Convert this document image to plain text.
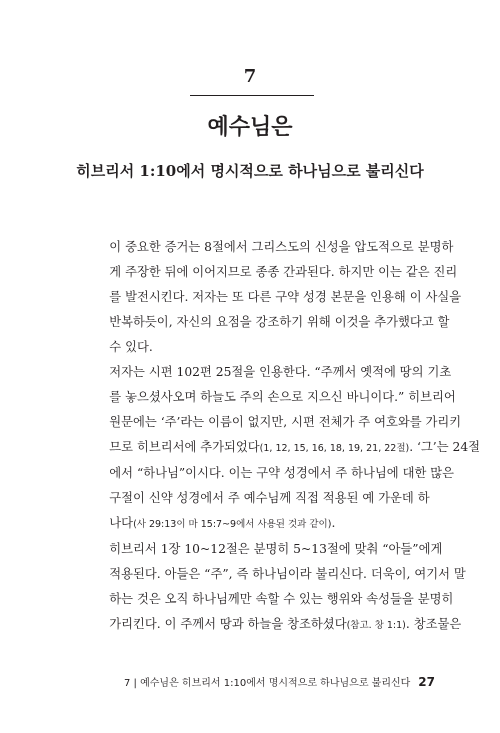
7
예수님은
히브리서 1:10에서 명시적으로 하나님으로 불리신다

이 중요한 증거는 8절에서 그리스도의 신성을 압도적으로 분명하
게 주장한 뒤에 이어지므로 종종 간과된다. 하지만 이는 같은 진리
를 발전시킨다. 저자는 또 다른 구약 성경 본문을 인용해 이 사실을
반복하듯이, 자신의 요점을 강조하기 위해 이것을 추가했다고 할
수 있다.

저자는 시편 102편 25절을 인용한다. “주께서 옛적에 땅의 기초
를 놓으셨사오며 하늘도 주의 손으로 지으신 바니이다.” 히브리어
원문에는 ‘주’라는 이름이 없지만, 시편 전체가 주 여호와를 가리키
므로 히브리서에 추가되었다(1, 12, 15, 16, 18, 19, 21, 22절). ‘그’는 24절
에서 “하나님”이시다. 이는 구약 성경에서 주 하나님에 대한 많은
구절이 신약 성경에서 주 예수님께 직접 적용된 예 가운데 하
나다(사 29:13이 마 15:7~9에서 사용된 것과 같이).

히브리서 1장 10~12절은 분명히 5~13절에 맞춰 “아들”에게
적용된다. 아들은 “주”, 즉 하나님이라 불리신다. 더욱이, 여기서 말
하는 것은 오직 하나님께만 속할 수 있는 행위와 속성들을 분명히
가리킨다. 이 주께서 땅과 하늘을 창조하셨다(참고. 창 1:1). 창조물은

7 | 예수님은 히브리서 1:10에서 명시적으로 하나님으로 불리신다 27
